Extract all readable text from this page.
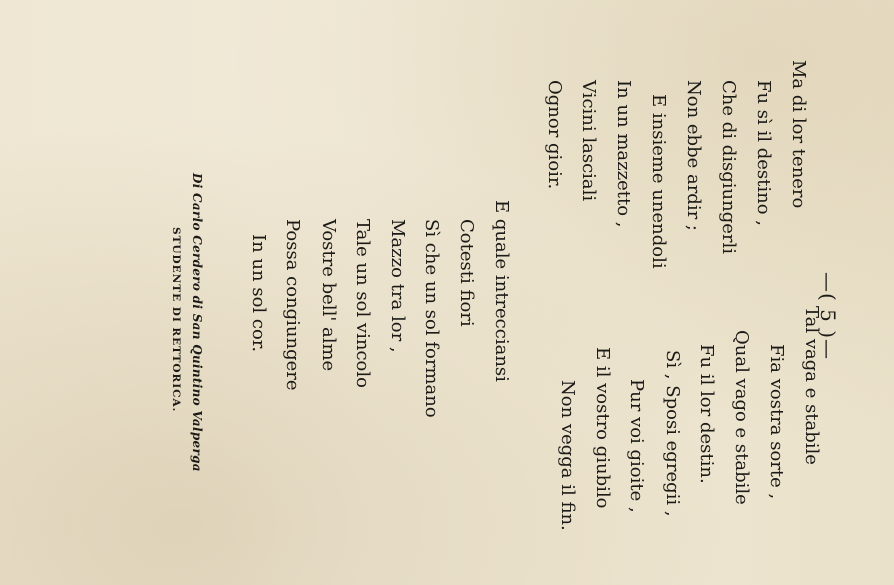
—( 5 )—
Ma di lor tenero
Fu sì il destino ,
Che di disgiungerli
Non ebbe ardir ;
E insieme unendoli
In un mazzetto ,
Vicini lasciali
Ognor gioir.
Tal vaga e stabile
Fia vostra sorte ,
Qual vago e stabile
Fu il lor destin.
Sì , Sposi egregii ,
Pur voi gioite ,
E il vostro giubilo
Non vegga il fin.
E quale intrecciansi
Cotesti fiori
Sì che un sol formano
Mazzo tra lor ,
Tale un sol vincolo
Vostre bell' alme
Possa congiungere
In un sol cor.
Di Carlo Cerdero di San Quintino Valperga
STUDENTE DI RETTORICA.
